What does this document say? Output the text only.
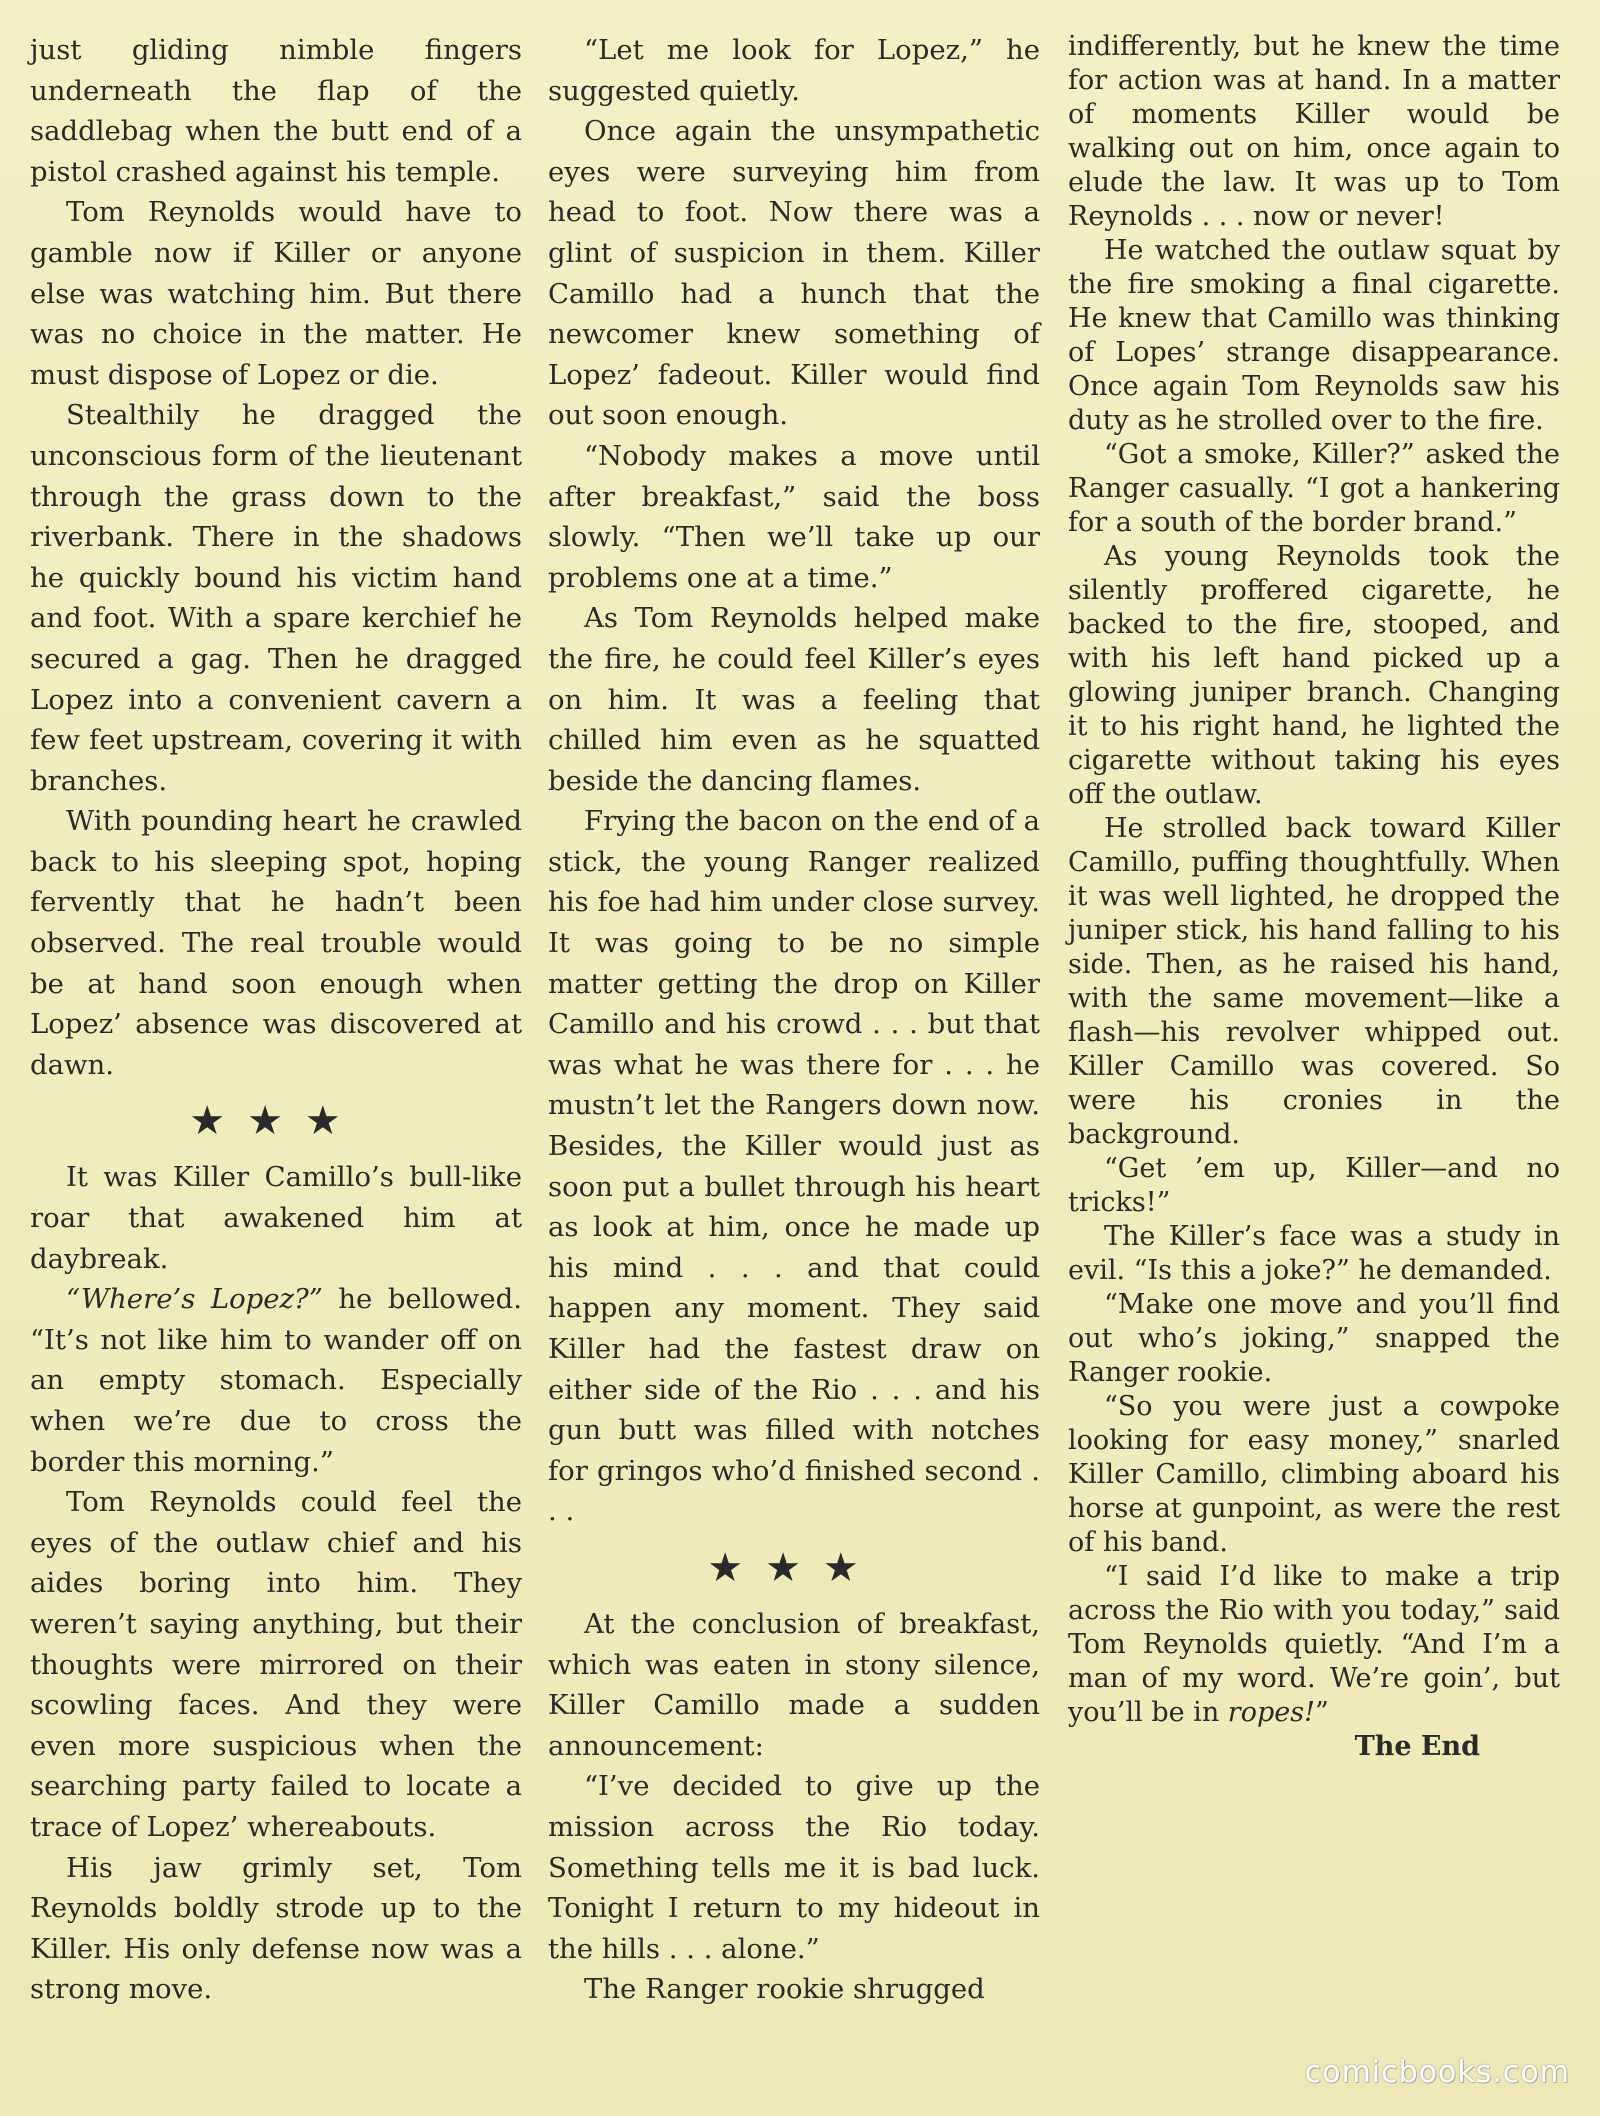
just gliding nimble fingers underneath the flap of the saddlebag when the butt end of a pistol crashed against his temple.

Tom Reynolds would have to gamble now if Killer or anyone else was watching him. But there was no choice in the matter. He must dispose of Lopez or die.

Stealthily he dragged the unconscious form of the lieutenant through the grass down to the riverbank. There in the shadows he quickly bound his victim hand and foot. With a spare kerchief he secured a gag. Then he dragged Lopez into a convenient cavern a few feet upstream, covering it with branches.

With pounding heart he crawled back to his sleeping spot, hoping fervently that he hadn’t been observed. The real trouble would be at hand soon enough when Lopez’ absence was discovered at dawn.

★★★

It was Killer Camillo’s bull-like roar that awakened him at daybreak.

“Where’s Lopez?” he bellowed. “It’s not like him to wander off on an empty stomach. Especially when we’re due to cross the border this morning.”

Tom Reynolds could feel the eyes of the outlaw chief and his aides boring into him. They weren’t saying anything, but their thoughts were mirrored on their scowling faces. And they were even more suspicious when the searching party failed to locate a trace of Lopez’ whereabouts.

His jaw grimly set, Tom Reynolds boldly strode up to the Killer. His only defense now was a strong move.

“Let me look for Lopez,” he suggested quietly.

Once again the unsympathetic eyes were surveying him from head to foot. Now there was a glint of suspicion in them. Killer Camillo had a hunch that the newcomer knew something of Lopez’ fadeout. Killer would find out soon enough.

“Nobody makes a move until after breakfast,” said the boss slowly. “Then we’ll take up our problems one at a time.”

As Tom Reynolds helped make the fire, he could feel Killer’s eyes on him. It was a feeling that chilled him even as he squatted beside the dancing flames.

Frying the bacon on the end of a stick, the young Ranger realized his foe had him under close survey. It was going to be no simple matter getting the drop on Killer Camillo and his crowd . . . but that was what he was there for . . . he mustn’t let the Rangers down now. Besides, the Killer would just as soon put a bullet through his heart as look at him, once he made up his mind . . . and that could happen any moment. They said Killer had the fastest draw on either side of the Rio . . . and his gun butt was filled with notches for gringos who’d finished second . . .

★★★

At the conclusion of breakfast, which was eaten in stony silence, Killer Camillo made a sudden announcement:

“I’ve decided to give up the mission across the Rio today. Something tells me it is bad luck. Tonight I return to my hideout in the hills . . . alone.”

The Ranger rookie shrugged

indifferently, but he knew the time for action was at hand. In a matter of moments Killer would be walking out on him, once again to elude the law. It was up to Tom Reynolds . . . now or never!

He watched the outlaw squat by the fire smoking a final cigarette. He knew that Camillo was thinking of Lopes’ strange disappearance. Once again Tom Reynolds saw his duty as he strolled over to the fire.

“Got a smoke, Killer?” asked the Ranger casually. “I got a hankering for a south of the border brand.”

As young Reynolds took the silently proffered cigarette, he backed to the fire, stooped, and with his left hand picked up a glowing juniper branch. Changing it to his right hand, he lighted the cigarette without taking his eyes off the outlaw.

He strolled back toward Killer Camillo, puffing thoughtfully. When it was well lighted, he dropped the juniper stick, his hand falling to his side. Then, as he raised his hand, with the same movement—like a flash—his revolver whipped out. Killer Camillo was covered. So were his cronies in the background.

“Get ’em up, Killer—and no tricks!”

The Killer’s face was a study in evil. “Is this a joke?” he demanded.

“Make one move and you’ll find out who’s joking,” snapped the Ranger rookie.

“So you were just a cowpoke looking for easy money,” snarled Killer Camillo, climbing aboard his horse at gunpoint, as were the rest of his band.

“I said I’d like to make a trip across the Rio with you today,” said Tom Reynolds quietly. “And I’m a man of my word. We’re goin’, but you’ll be in ropes!”

The End

comicbooks.com
